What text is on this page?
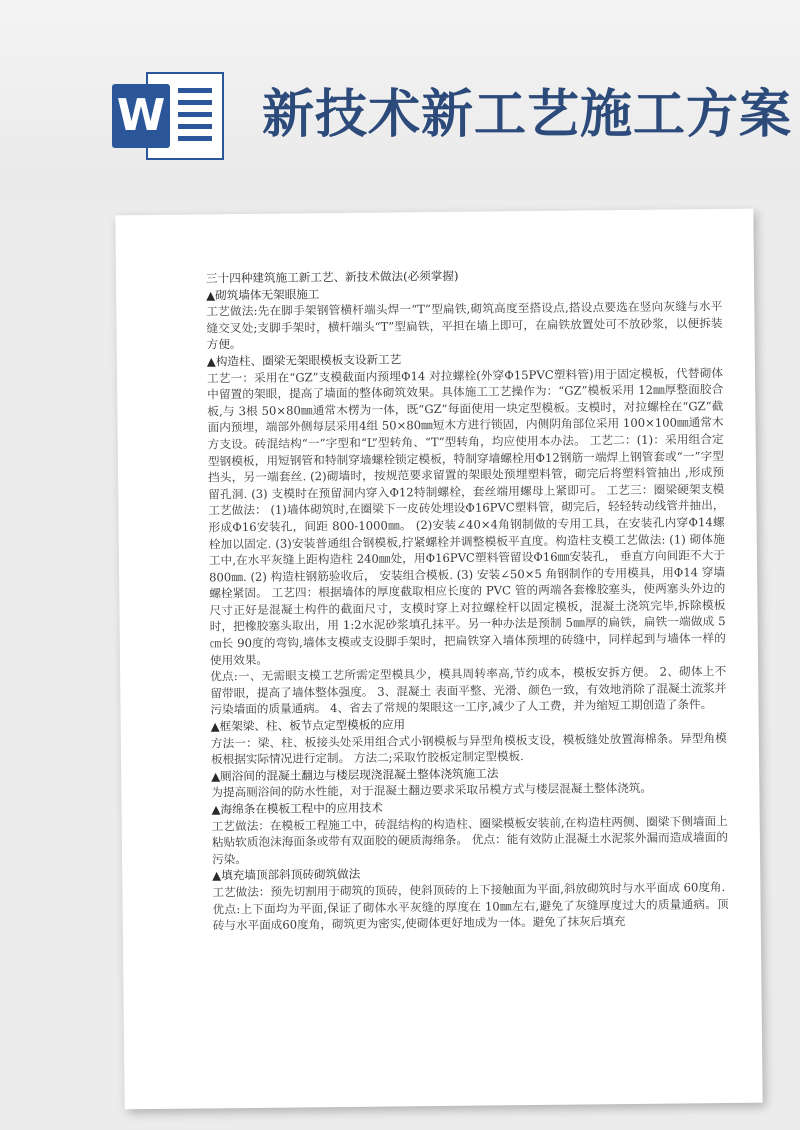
W 新技术新工艺施工方案

三十四种建筑施工新工艺、新技术做法(必须掌握)

▲砌筑墙体无架眼施工

工艺做法:先在脚手架钢管横杆端头焊一“T”型扁铁,砌筑高度至搭设点,搭设点要选在竖向灰缝与水平缝交叉处;支脚手架时，横杆端头“T”型扁铁，平担在墙上即可，在扁铁放置处可不放砂浆，以便拆装方便。

▲构造柱、圈梁无架眼模板支设新工艺

工艺一：采用在“GZ”支模截面内预埋Φ14 对拉螺栓(外穿Φ15PVC塑料管)用于固定模板，代替砌体中留置的架眼，提高了墙面的整体砌筑效果。具体施工工艺操作为：“GZ”模板采用 12㎜厚整面胶合板,与 3根 50×80㎜通常木楞为一体，既“GZ”每面使用一块定型模板。支模时，对拉螺栓在“GZ”截面内预埋，端部外侧每层采用4组 50×80㎜短木方进行锁固，内侧阴角部位采用 100×100㎜通常木方支设。砖混结构“一”字型和“L”型转角、“T”型转角，均应使用本办法。 工艺二：(1)：采用组合定型钢模板，用短钢管和特制穿墙螺栓锁定模板，特制穿墙螺栓用Φ12钢筋一端焊上钢管套或“一”字型挡头，另一端套丝. (2)砌墙时，按规范要求留置的架眼处预埋塑料管，砌完后将塑料管抽出 ,形成预留孔洞. (3) 支模时在预留洞内穿入Φ12特制螺栓，套丝端用螺母上紧即可。 工艺三：圈梁硬架支模工艺做法： (1)墙体砌筑时,在圈梁下一皮砖处埋设Φ16PVC塑料管，砌完后，轻轻转动线管并抽出，形成Φ16安装孔，间距 800-1000㎜。 (2)安装∠40×4角钢制做的专用工具，在安装孔内穿Φ14螺栓加以固定. (3)安装普通组合钢模板,拧紧螺栓并调整模板平直度。构造柱支模工艺做法: (1) 砌体施工中,在水平灰缝上距构造柱 240㎜处，用Φ16PVC塑料管留设Φ16㎜安装孔， 垂直方向间距不大于 800㎜. (2) 构造柱钢筋验收后， 安装组合模板. (3) 安装∠50×5 角钢制作的专用模具，用Φ14 穿墙螺栓紧固。 工艺四：根据墙体的厚度截取相应长度的 PVC 管的两端各套橡胶塞头，使两塞头外边的尺寸正好是混凝土构件的截面尺寸，支模时穿上对拉螺栓杆以固定模板，混凝土浇筑完毕,拆除模板时，把橡胶塞头取出，用 1:2水泥砂浆填孔抹平。另一种办法是预制 5㎜厚的扁铁，扁铁一端做成 5㎝长 90度的弯钩,墙体支模或支设脚手架时，把扁铁穿入墙体预埋的砖缝中，同样起到与墙体一样的使用效果。

优点:一、无需眼支模工艺所需定型模具少，模具周转率高,节约成本，模板安拆方便。 2、砌体上不留带眼，提高了墙体整体强度。 3、混凝土 表面平整、光滑、颜色一致，有效地消除了混凝土流浆并污染墙面的质量通病。 4、省去了常规的架眼这一工序,减少了人工费，并为缩短工期创造了条件。

▲框架梁、柱、板节点定型模板的应用

方法一：梁、柱、板接头处采用组合式小钢模板与异型角模板支设，模板缝处放置海棉条。异型角模板根据实际情况进行定制。 方法二;采取竹胶板定制定型模板.

▲厕浴间的混凝土翻边与楼层现浇混凝土整体浇筑施工法

为提高厕浴间的防水性能，对于混凝土翻边要求采取吊模方式与楼层混凝土整体浇筑。

▲海绵条在模板工程中的应用技术

工艺做法：在模板工程施工中，砖混结构的构造柱、圈梁模板安装前,在构造柱两侧、圈梁下侧墙面上粘贴软质泡沫海面条或带有双面胶的硬质海绵条。 优点：能有效防止混凝土水泥浆外漏而造成墙面的污染。

▲填充墙顶部斜顶砖砌筑做法

工艺做法：预先切割用于砌筑的顶砖，使斜顶砖的上下接触面为平面,斜放砌筑时与水平面成 60度角.

优点:上下面均为平面,保证了砌体水平灰缝的厚度在 10㎜左右,避免了灰缝厚度过大的质量通病。顶砖与水平面成60度角，砌筑更为密实,使砌体更好地成为一体。避免了抹灰后填充
